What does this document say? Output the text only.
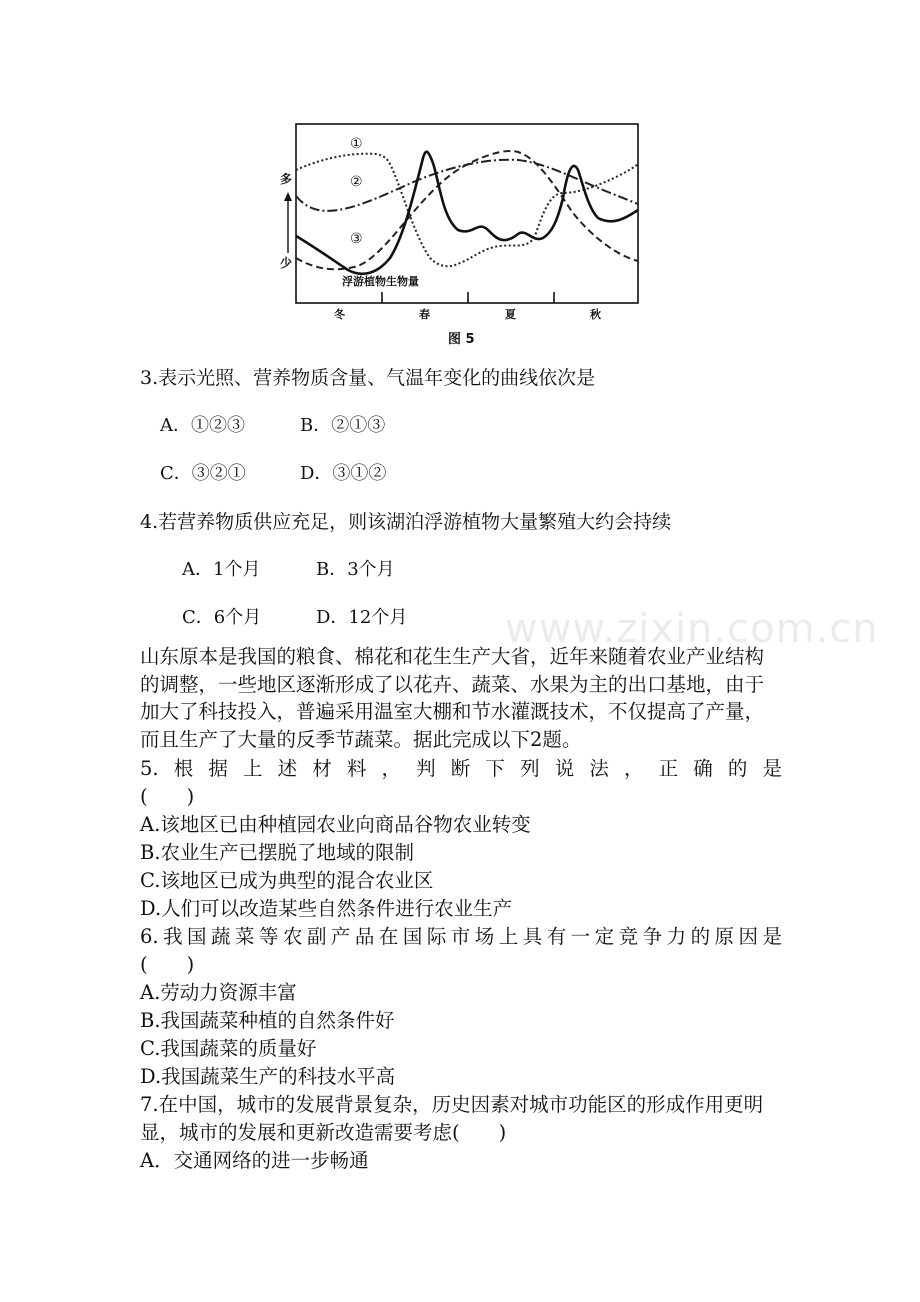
多
少
①
②
③
浮游植物生物量
冬	春	夏	秋
图 5
3.表示光照、营养物质含量、气温年变化的曲线依次是
A．①②③	B．②①③
C．③②①	D．③①②
4.若营养物质供应充足，则该湖泊浮游植物大量繁殖大约会持续
A．1个月	B．3个月
C．6个月	D．12个月 www.zixin.com.cn
山东原本是我国的粮食、棉花和花生生产大省，近年来随着农业产业结构的调整，一些地区逐渐形成了以花卉、蔬菜、水果为主的出口基地，由于加大了科技投入，普遍采用温室大棚和节水灌溉技术，不仅提高了产量，而且生产了大量的反季节蔬菜。据此完成以下2题。
5.根据上述材料，判断下列说法，正确的是
(　　)
A.该地区已由种植园农业向商品谷物农业转变
B.农业生产已摆脱了地域的限制
C.该地区已成为典型的混合农业区
D.人们可以改造某些自然条件进行农业生产
6.我国蔬菜等农副产品在国际市场上具有一定竞争力的原因是
(　　)
A.劳动力资源丰富
B.我国蔬菜种植的自然条件好
C.我国蔬菜的质量好
D.我国蔬菜生产的科技水平高
7.在中国，城市的发展背景复杂，历史因素对城市功能区的形成作用更明显，城市的发展和更新改造需要考虑(　　)
A．交通网络的进一步畅通
